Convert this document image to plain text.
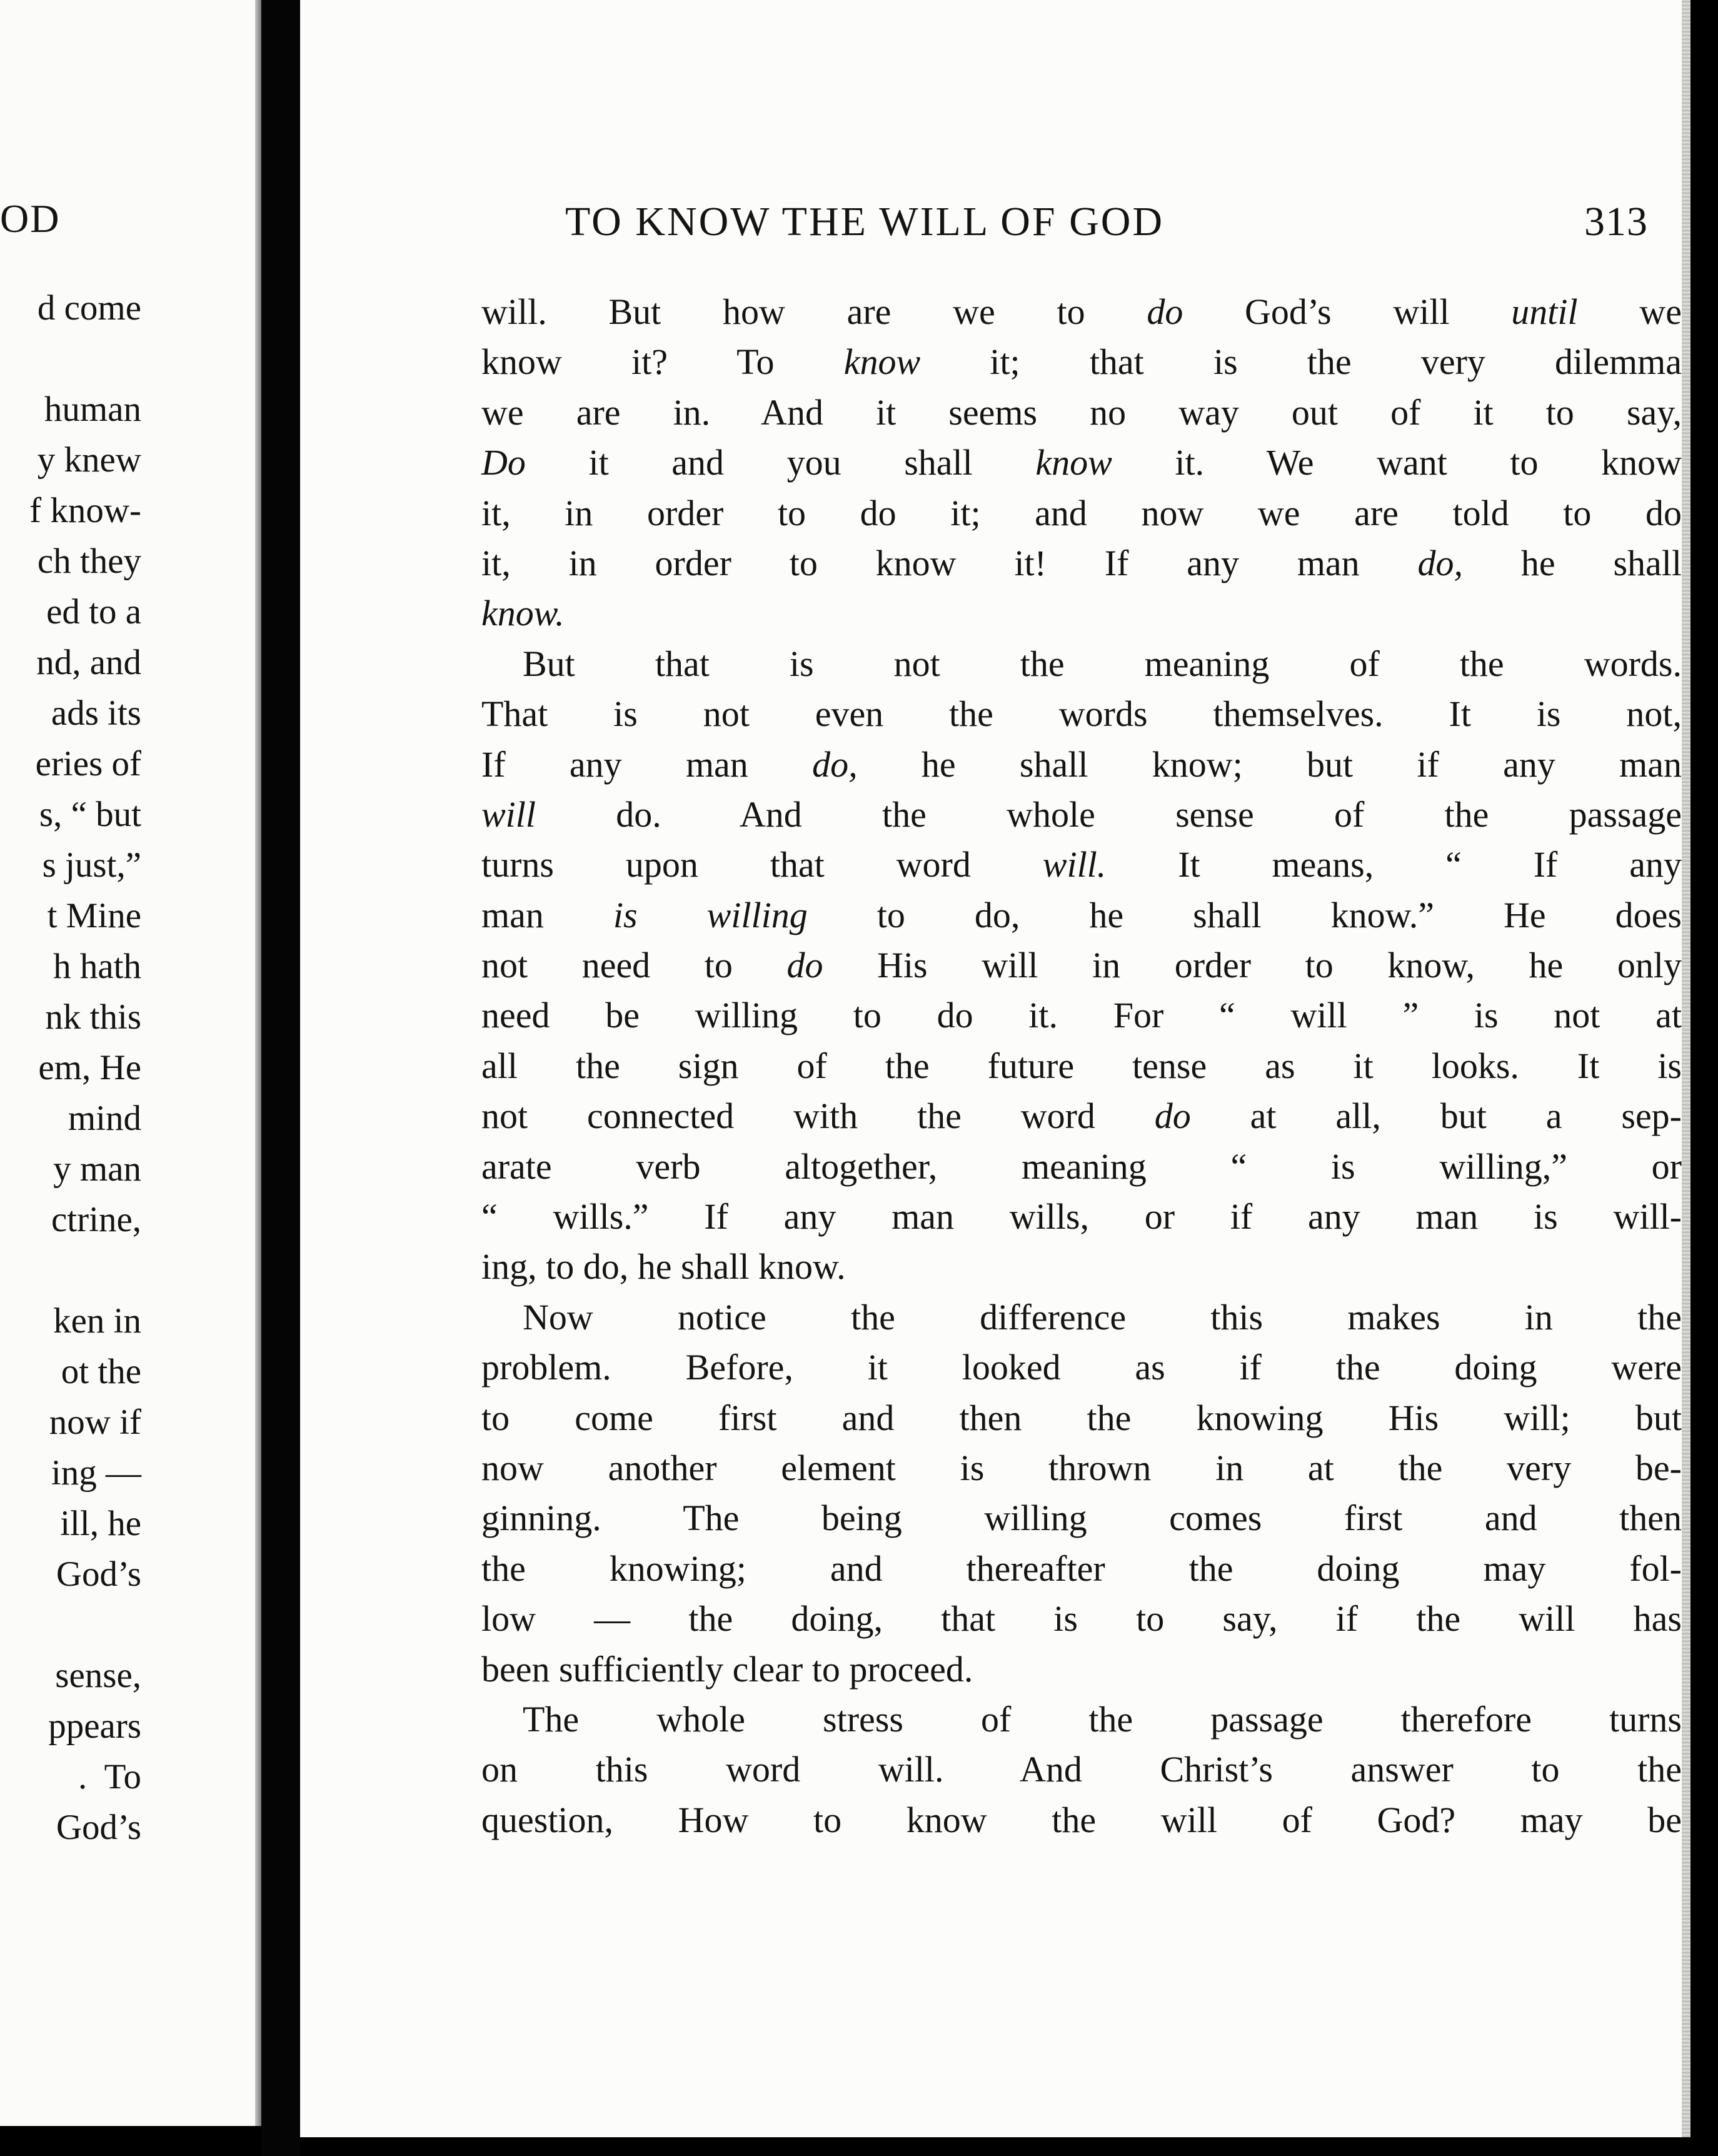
OD
d come
human
y knew
f know-
ch they
ed to a
nd, and
ads its
eries of
s, “ but
s just,”
t Mine
h hath
nk this
em, He
mind
y man
ctrine,
ken in
ot the
now if
ing —
ill, he
God’s
sense,
ppears
.  To
God’s
TO KNOW THE WILL OF GOD	313
will. But how are we to do God’s will until we
know it? To know it; that is the very dilemma
we are in. And it seems no way out of it to say,
Do it and you shall know it. We want to know
it, in order to do it; and now we are told to do
it, in order to know it! If any man do, he shall
know.
But that is not the meaning of the words.
That is not even the words themselves. It is not,
If any man do, he shall know; but if any man
will do. And the whole sense of the passage
turns upon that word will. It means, “ If any
man is willing to do, he shall know.” He does
not need to do His will in order to know, he only
need be willing to do it. For “ will ” is not at
all the sign of the future tense as it looks. It is
not connected with the word do at all, but a sep-
arate verb altogether, meaning “ is willing,” or
“ wills.” If any man wills, or if any man is will-
ing, to do, he shall know.
Now notice the difference this makes in the
problem. Before, it looked as if the doing were
to come first and then the knowing His will; but
now another element is thrown in at the very be-
ginning. The being willing comes first and then
the knowing; and thereafter the doing may fol-
low — the doing, that is to say, if the will has
been sufficiently clear to proceed.
The whole stress of the passage therefore turns
on this word will. And Christ’s answer to the
question, How to know the will of God? may be
